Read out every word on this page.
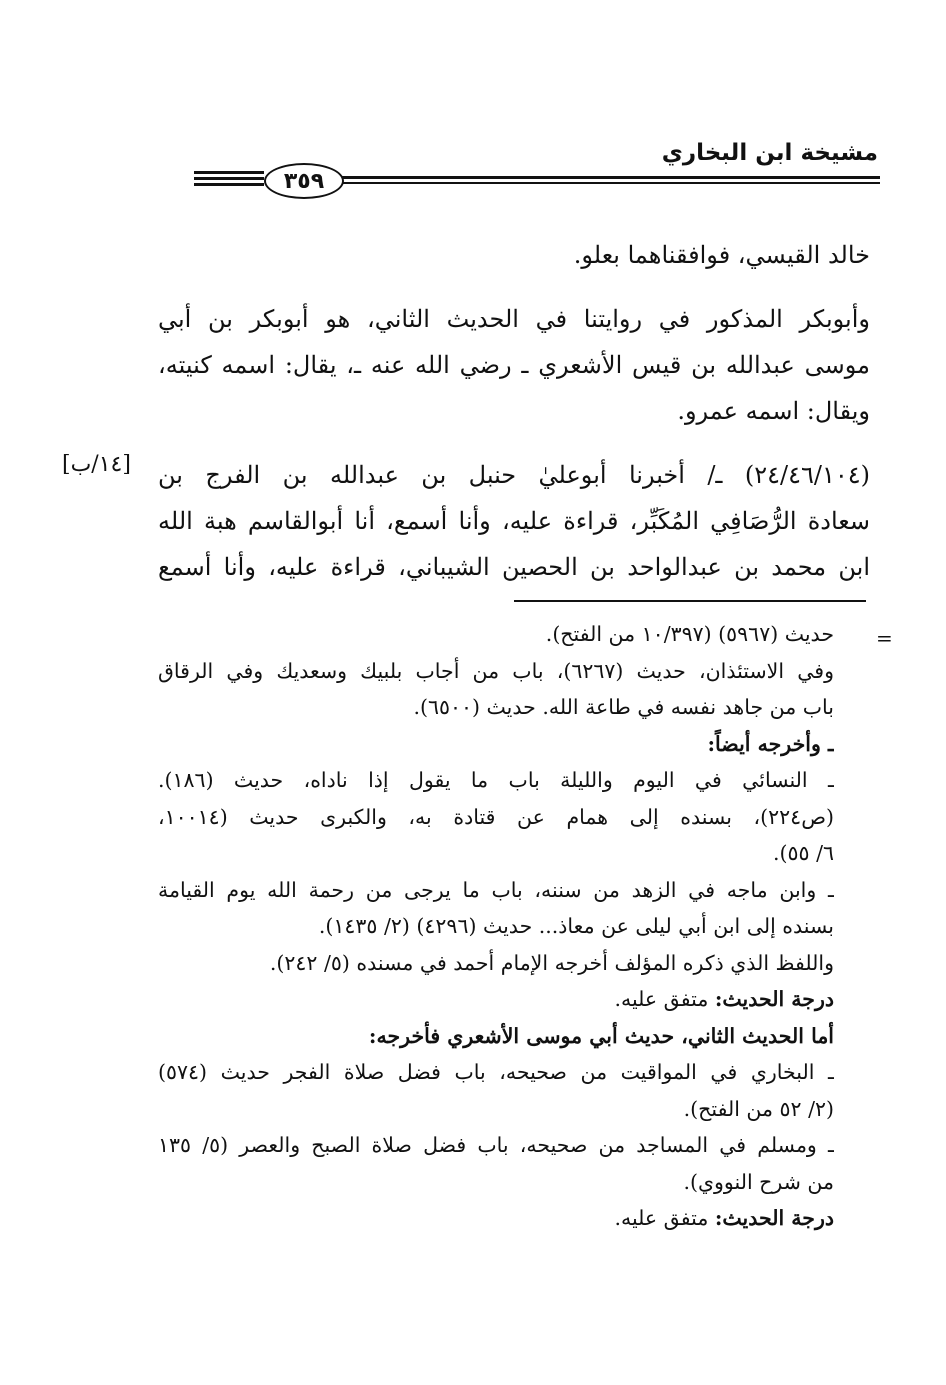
مشيخة ابن البخاري
٣٥٩
خالد القيسي، فوافقناهما بعلو.
وأبوبكر المذكور في روايتنا في الحديث الثاني، هو أبوبكر بن أبي
موسى عبدالله بن قيس الأشعري ـ رضي الله عنه ـ، يقال: اسمه كنيته،
ويقال: اسمه عمرو.
(٢٤/٤٦/١٠٤) ـ/ أخبرنا أبوعليٰ حنبل بن عبدالله بن الفرج بن
سعادة الرُّصَافِي المُكَبِّر، قراءة عليه، وأنا أسمع، أنا أبوالقاسم هبة الله
ابن محمد بن عبدالواحد بن الحصين الشيباني، قراءة عليه، وأنا أسمع
[١٤/ب]
=
حديث (٥٩٦٧) (١٠/٣٩٧ من الفتح).
وفي الاستئذان، حديث (٦٢٦٧)، باب من أجاب بلبيك وسعديك وفي الرقاق
باب من جاهد نفسه في طاعة الله. حديث (٦٥٠٠).
ـ وأخرجه أيضاً:
ـ النسائي في اليوم والليلة باب ما يقول إذا ناداه، حديث (١٨٦).
(ص٢٢٤)، بسنده إلى همام عن قتادة به، والكبرى حديث (١٠٠١٤،
٦/ ٥٥).
ـ وابن ماجه في الزهد من سننه، باب ما يرجى من رحمة الله يوم القيامة
بسنده إلى ابن أبي ليلى عن معاذ... حديث (٤٢٩٦) (٢/ ١٤٣٥).
واللفظ الذي ذكره المؤلف أخرجه الإمام أحمد في مسنده (٥/ ٢٤٢).
درجة الحديث: متفق عليه.
أما الحديث الثاني، حديث أبي موسى الأشعري فأخرجه:
ـ البخاري في المواقيت من صحيحه، باب فضل صلاة الفجر حديث (٥٧٤)
(٢/ ٥٢ من الفتح).
ـ ومسلم في المساجد من صحيحه، باب فضل صلاة الصبح والعصر (٥/ ١٣٥
من شرح النووي).
درجة الحديث: متفق عليه.
